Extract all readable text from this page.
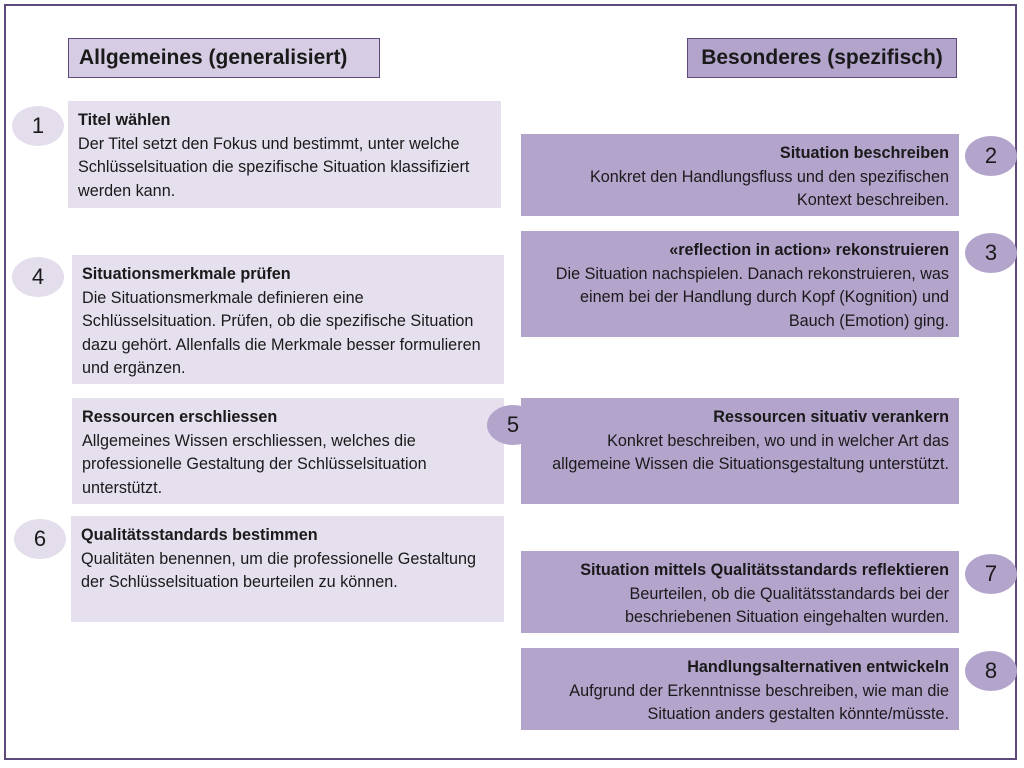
Allgemeines (generalisiert)	Besonderes (spezifisch)
1	Titel wählen
Der Titel setzt den Fokus und bestimmt, unter welche Schlüsselsituation die spezifische Situation klassifiziert werden kann.
Situation beschreiben
Konkret den Handlungsfluss und den spezifischen Kontext beschreiben.
2
«reflection in action» rekonstruieren
Die Situation nachspielen. Danach rekonstruieren, was einem bei der Handlung durch Kopf (Kognition) und Bauch (Emotion) ging.
3
4	Situationsmerkmale prüfen
Die Situationsmerkmale definieren eine Schlüsselsituation. Prüfen, ob die spezifische Situation dazu gehört. Allenfalls die Merkmale besser formulieren und ergänzen.
Ressourcen erschliessen
Allgemeines Wissen erschliessen, welches die professionelle Gestaltung der Schlüsselsituation unterstützt.
Ressourcen situativ verankern
Konkret beschreiben, wo und in welcher Art das allgemeine Wissen die Situationsgestaltung unterstützt.
5
6	Qualitätsstandards bestimmen
Qualitäten benennen, um die professionelle Gestaltung der Schlüsselsituation beurteilen zu können.
Situation mittels Qualitätsstandards reflektieren
Beurteilen, ob die Qualitätsstandards bei der beschriebenen Situation eingehalten wurden.
7
Handlungsalternativen entwickeln
Aufgrund der Erkenntnisse beschreiben, wie man die Situation anders gestalten könnte/müsste.
8
